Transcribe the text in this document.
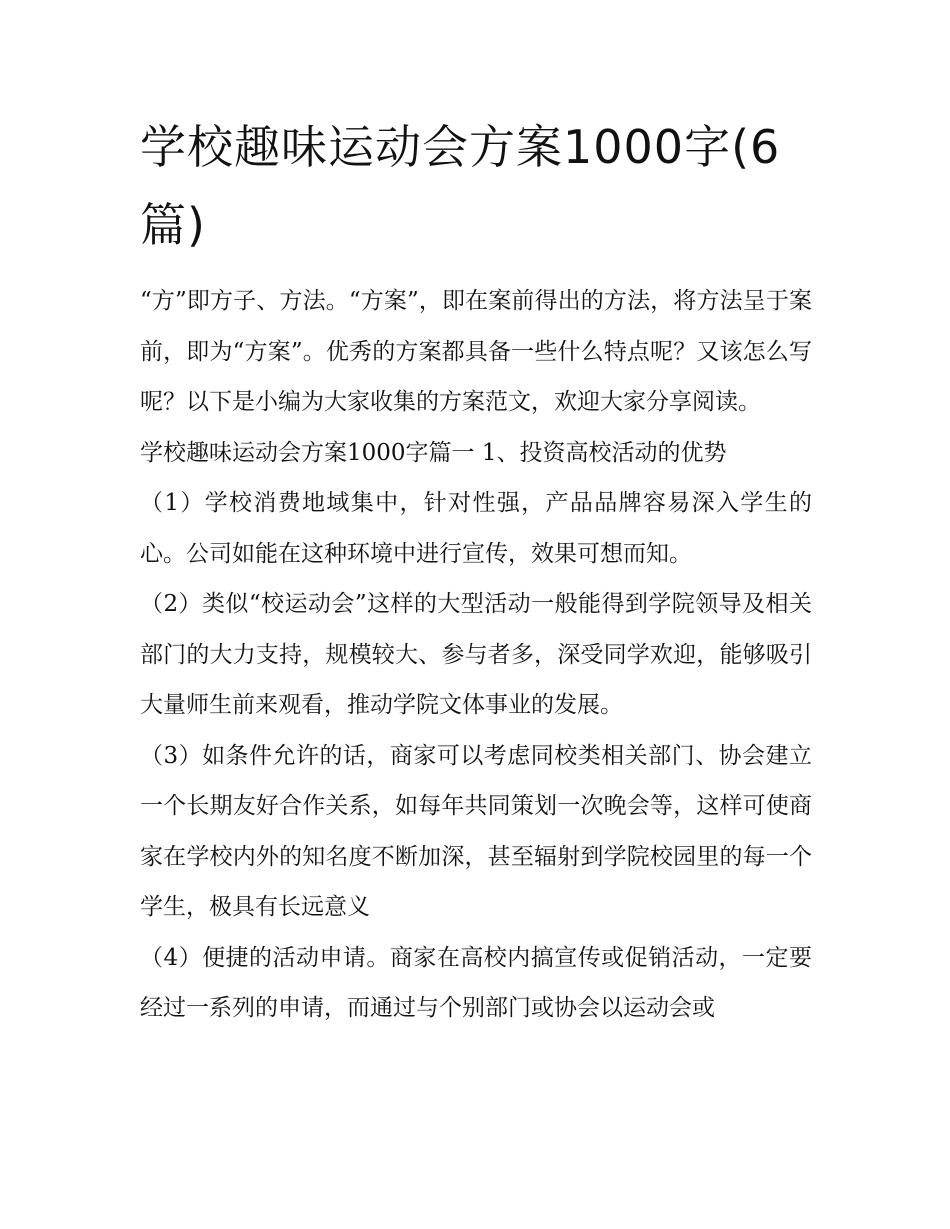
学校趣味运动会方案1000字(6
篇)

“方”即方子、方法。“方案”，即在案前得出的方法，将方法呈于案前，即为“方案”。优秀的方案都具备一些什么特点呢？又该怎么写呢？以下是小编为大家收集的方案范文，欢迎大家分享阅读。

学校趣味运动会方案1000字篇一 1、投资高校活动的优势

（1）学校消费地域集中，针对性强，产品品牌容易深入学生的心。公司如能在这种环境中进行宣传，效果可想而知。

（2）类似“校运动会”这样的大型活动一般能得到学院领导及相关部门的大力支持，规模较大、参与者多，深受同学欢迎，能够吸引大量师生前来观看，推动学院文体事业的发展。

（3）如条件允许的话，商家可以考虑同校类相关部门、协会建立一个长期友好合作关系，如每年共同策划一次晚会等，这样可使商家在学校内外的知名度不断加深，甚至辐射到学院校园里的每一个学生，极具有长远意义

（4）便捷的活动申请。商家在高校内搞宣传或促销活动，一定要经过一系列的申请，而通过与个别部门或协会以运动会或
